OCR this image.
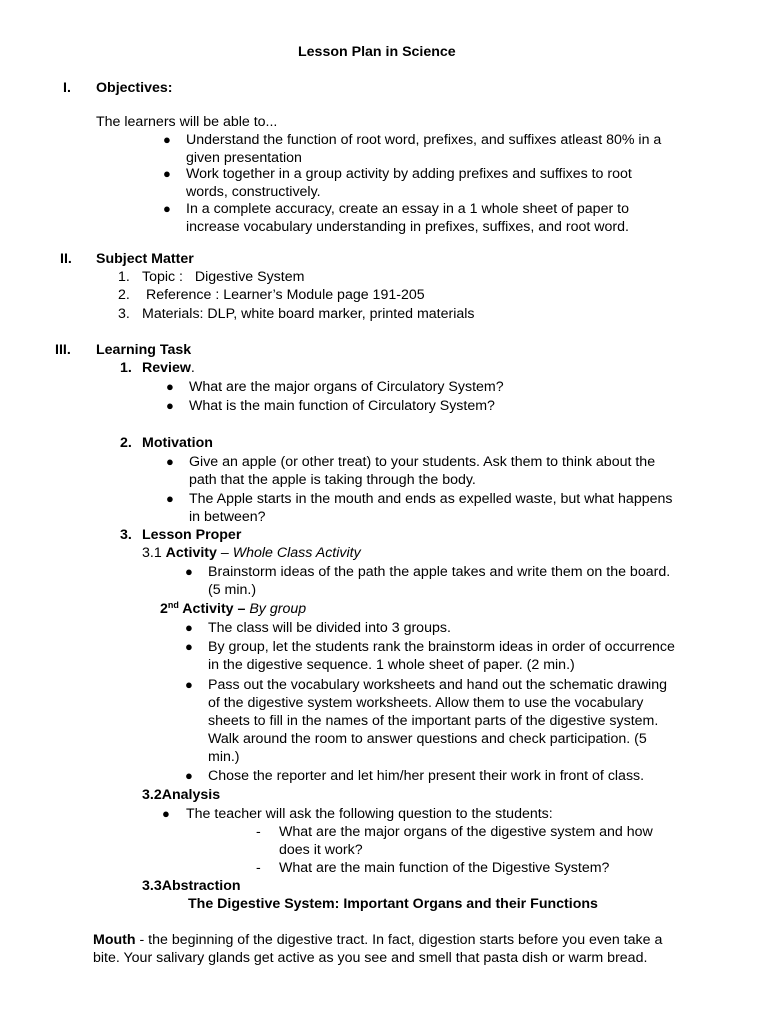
Lesson Plan in Science
I. Objectives:
The learners will be able to...
● Understand the function of root word, prefixes, and suffixes atleast 80% in a
given presentation
● Work together in a group activity by adding prefixes and suffixes to root
words, constructively.
● In a complete accuracy, create an essay in a 1 whole sheet of paper to
increase vocabulary understanding in prefixes, suffixes, and root word.
II. Subject Matter
1. Topic :   Digestive System
2. Reference : Learner’s Module page 191-205
3. Materials: DLP, white board marker, printed materials
III. Learning Task
1. Review.
● What are the major organs of Circulatory System?
● What is the main function of Circulatory System?
2. Motivation
● Give an apple (or other treat) to your students. Ask them to think about the
path that the apple is taking through the body.
● The Apple starts in the mouth and ends as expelled waste, but what happens
in between?
3. Lesson Proper
3.1 Activity – Whole Class Activity
● Brainstorm ideas of the path the apple takes and write them on the board.
(5 min.)
2nd Activity – By group
● The class will be divided into 3 groups.
● By group, let the students rank the brainstorm ideas in order of occurrence
in the digestive sequence. 1 whole sheet of paper. (2 min.)
● Pass out the vocabulary worksheets and hand out the schematic drawing
of the digestive system worksheets. Allow them to use the vocabulary
sheets to fill in the names of the important parts of the digestive system.
Walk around the room to answer questions and check participation. (5
min.)
● Chose the reporter and let him/her present their work in front of class.
3.2Analysis
● The teacher will ask the following question to the students:
- What are the major organs of the digestive system and how
does it work?
- What are the main function of the Digestive System?
3.3Abstraction
The Digestive System: Important Organs and their Functions
Mouth - the beginning of the digestive tract. In fact, digestion starts before you even take a
bite. Your salivary glands get active as you see and smell that pasta dish or warm bread.
